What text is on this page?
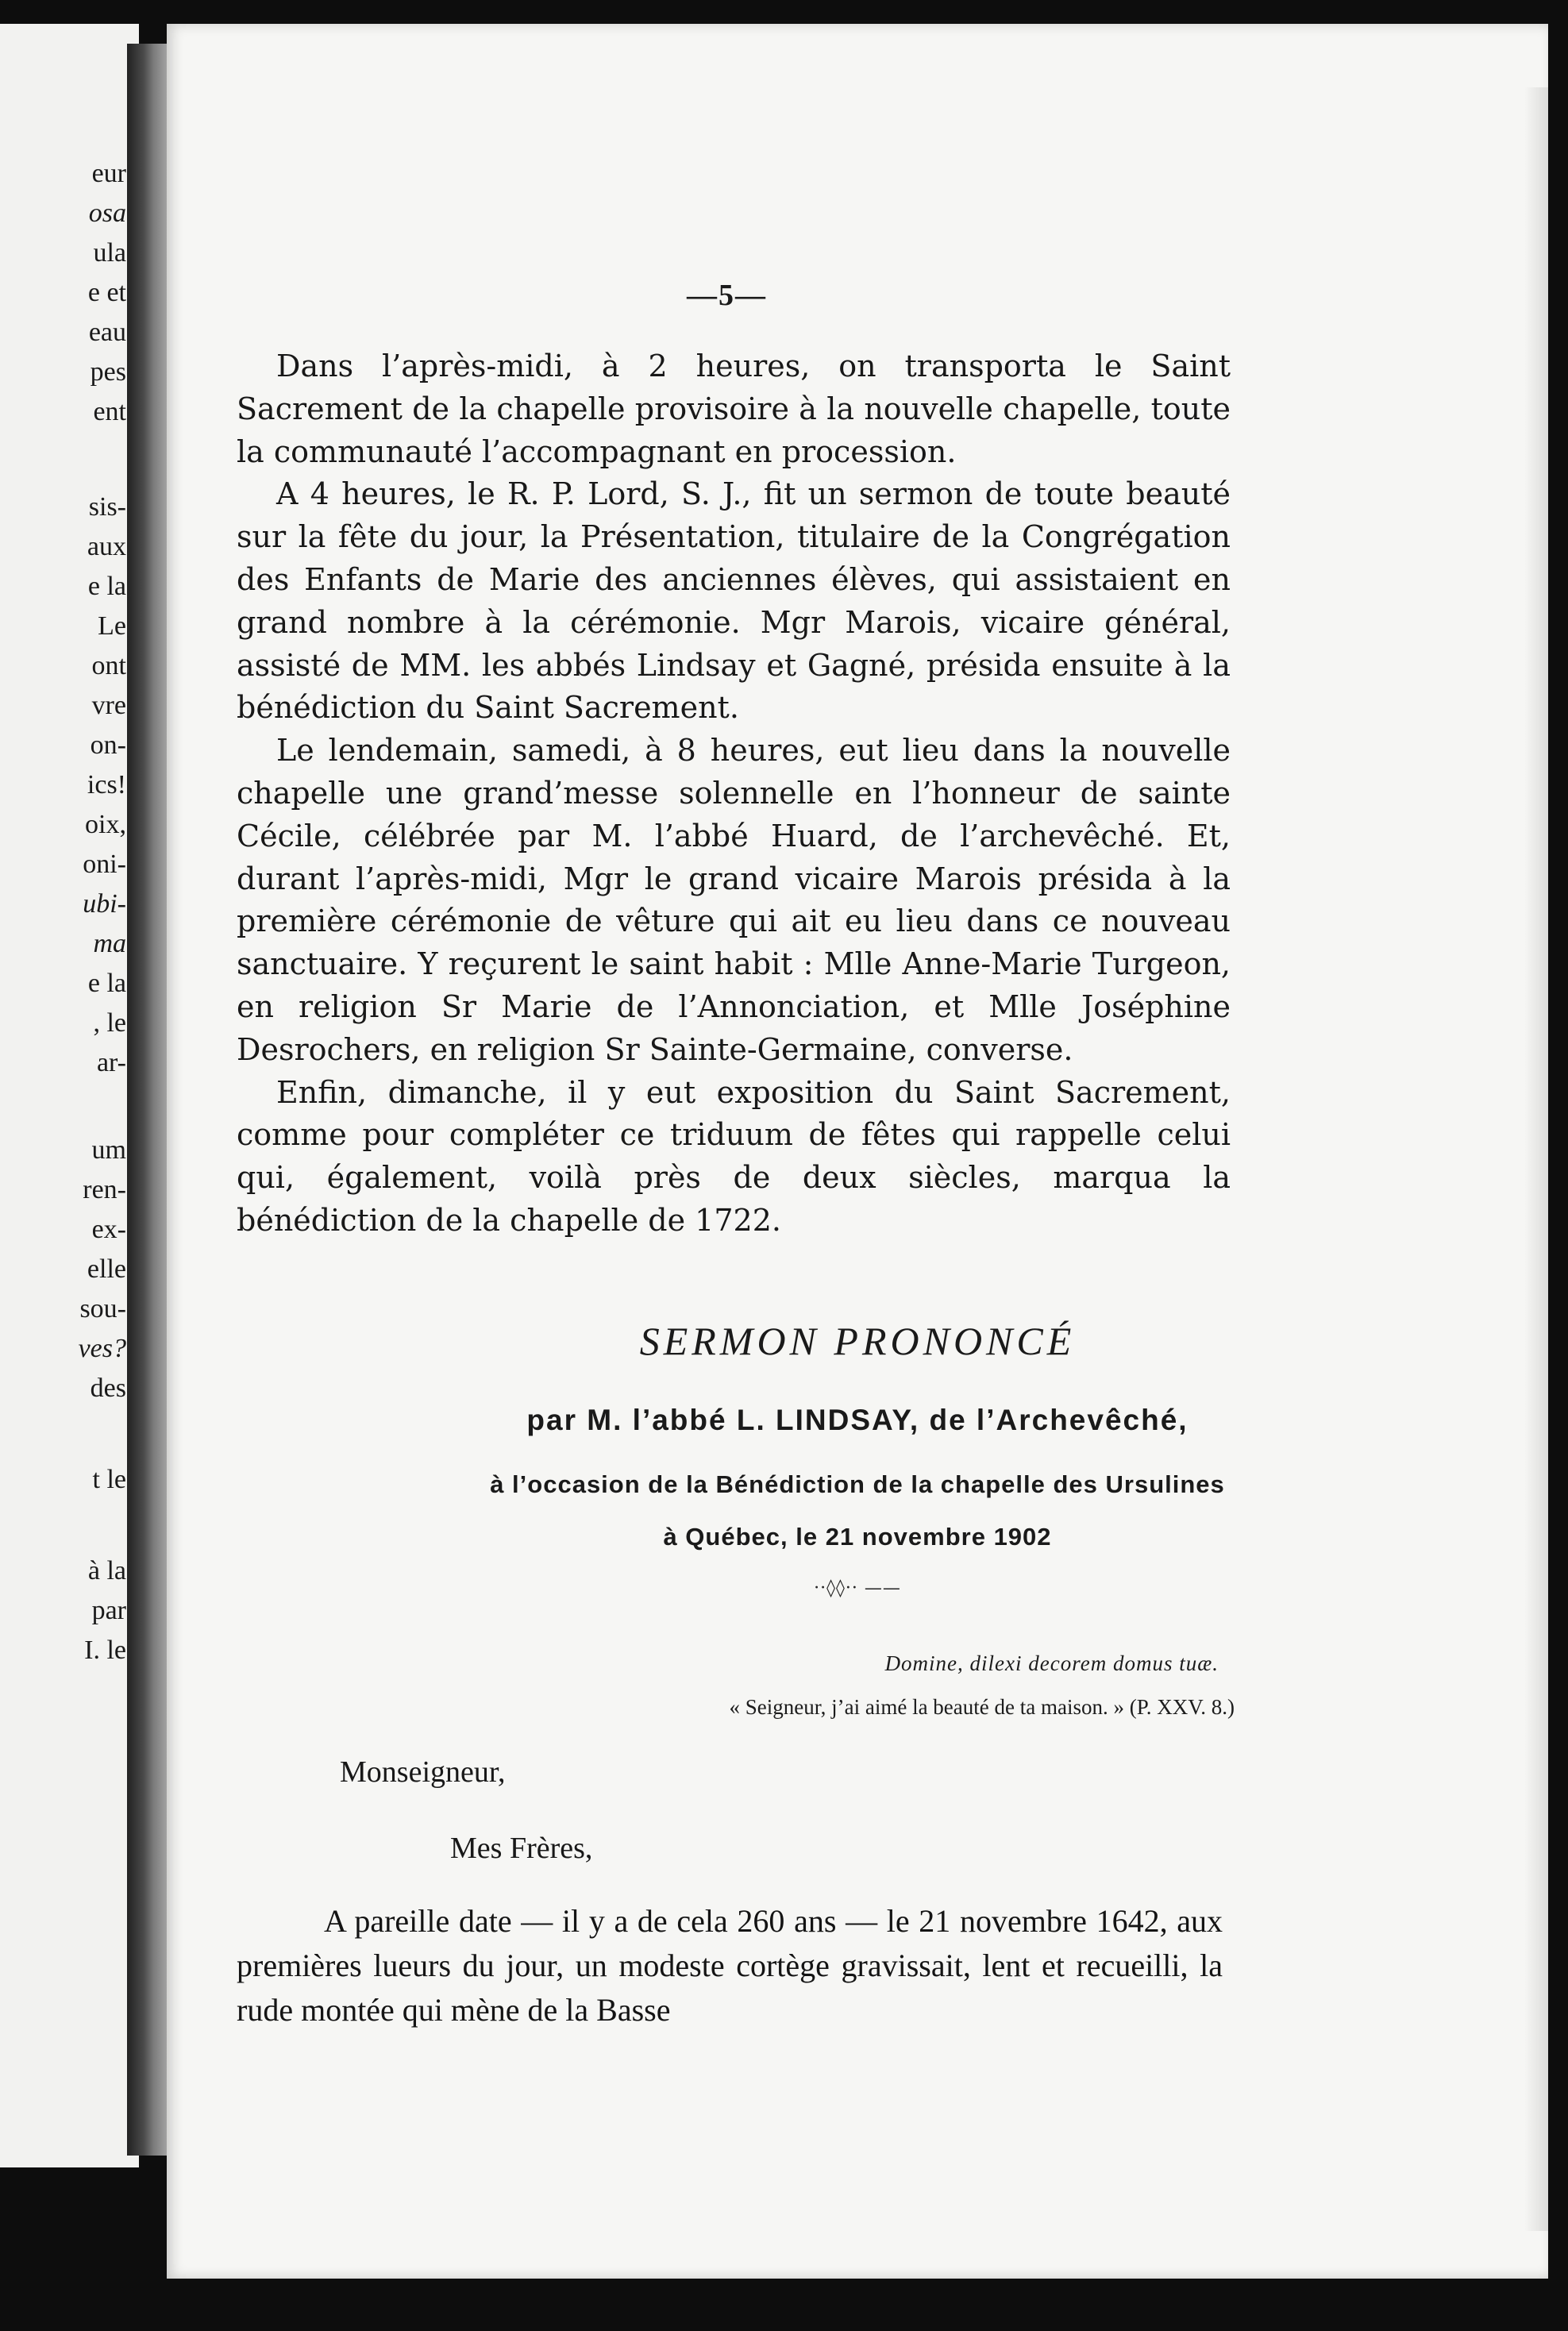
eur
osa
ula
e et
eau
pes
ent
sis-
aux
e la
Le
ont
vre
on-
ics!
oix,
oni-
ubi-
ma
e la
, le
ar-
um
ren-
ex-
elle
sou-
ves?
des
t le
à la
par
I. le
—5—

Dans l’après-midi, à 2 heures, on transporta le Saint Sacrement de la chapelle provisoire à la nouvelle chapelle, toute la communauté l’accompagnant en procession.

A 4 heures, le R. P. Lord, S. J., fit un sermon de toute beauté sur la fête du jour, la Présentation, titulaire de la Congrégation des Enfants de Marie des anciennes élèves, qui assistaient en grand nombre à la cérémonie. Mgr Marois, vicaire général, assisté de MM. les abbés Lindsay et Gagné, présida ensuite à la bénédiction du Saint Sacrement.

Le lendemain, samedi, à 8 heures, eut lieu dans la nouvelle chapelle une grand’messe solennelle en l’honneur de sainte Cécile, célébrée par M. l’abbé Huard, de l’archevêché. Et, durant l’après-midi, Mgr le grand vicaire Marois présida à la première cérémonie de vêture qui ait eu lieu dans ce nouveau sanctuaire. Y reçurent le saint habit : Mlle Anne-Marie Turgeon, en religion Sr Marie de l’Annonciation, et Mlle Joséphine Desrochers, en religion Sr Sainte-Germaine, converse.

Enfin, dimanche, il y eut exposition du Saint Sacrement, comme pour compléter ce triduum de fêtes qui rappelle celui qui, également, voilà près de deux siècles, marqua la bénédiction de la chapelle de 1722.

SERMON PRONONCÉ
par M. l’abbé L. LINDSAY, de l’Archevêché,
à l’occasion de la Bénédiction de la chapelle des Ursulines
à Québec, le 21 novembre 1902
··◊◊·· ——
Domine, dilexi decorem domus tuæ.
« Seigneur, j’ai aimé la beauté de ta maison. » (P. XXV. 8.)
Monseigneur,
Mes Frères,

A pareille date — il y a de cela 260 ans — le 21 novembre 1642, aux premières lueurs du jour, un modeste cortège gravissait, lent et recueilli, la rude montée qui mène de la Basse
